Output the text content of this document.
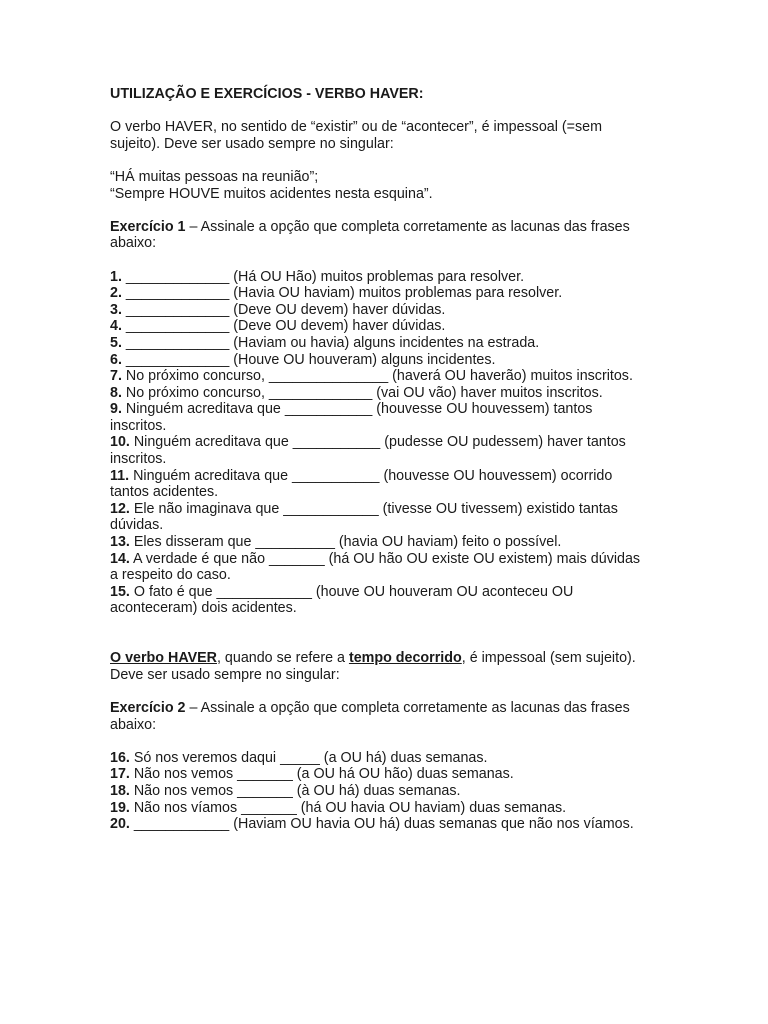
UTILIZAÇÃO E EXERCÍCIOS - VERBO HAVER:
O verbo HAVER, no sentido de “existir” ou de “acontecer”, é impessoal (=sem
sujeito). Deve ser usado sempre no singular:
“HÁ muitas pessoas na reunião”;
“Sempre HOUVE muitos acidentes nesta esquina”.
Exercício 1 – Assinale a opção que completa corretamente as lacunas das frases
abaixo:
1. _____________ (Há OU Hão) muitos problemas para resolver.
2. _____________ (Havia OU haviam) muitos problemas para resolver.
3. _____________ (Deve OU devem) haver dúvidas.
4. _____________ (Deve OU devem) haver dúvidas.
5. _____________ (Haviam ou havia) alguns incidentes na estrada.
6. _____________ (Houve OU houveram) alguns incidentes.
7. No próximo concurso, _______________ (haverá OU haverão) muitos inscritos.
8. No próximo concurso, _____________ (vai OU vão) haver muitos inscritos.
9. Ninguém acreditava que ___________ (houvesse OU houvessem) tantos
inscritos.
10. Ninguém acreditava que ___________ (pudesse OU pudessem) haver tantos
inscritos.
11. Ninguém acreditava que ___________ (houvesse OU houvessem) ocorrido
tantos acidentes.
12. Ele não imaginava que ____________ (tivesse OU tivessem) existido tantas
dúvidas.
13. Eles disseram que __________ (havia OU haviam) feito o possível.
14. A verdade é que não _______ (há OU hão OU existe OU existem) mais dúvidas
a respeito do caso.
15. O fato é que ____________ (houve OU houveram OU aconteceu OU
aconteceram) dois acidentes.
O verbo HAVER, quando se refere a tempo decorrido, é impessoal (sem sujeito).
Deve ser usado sempre no singular:
Exercício 2 – Assinale a opção que completa corretamente as lacunas das frases
abaixo:
16. Só nos veremos daqui _____ (a OU há) duas semanas.
17. Não nos vemos _______ (a OU há OU hão) duas semanas.
18. Não nos vemos _______ (à OU há) duas semanas.
19. Não nos víamos _______ (há OU havia OU haviam) duas semanas.
20. ____________ (Haviam OU havia OU há) duas semanas que não nos víamos.
